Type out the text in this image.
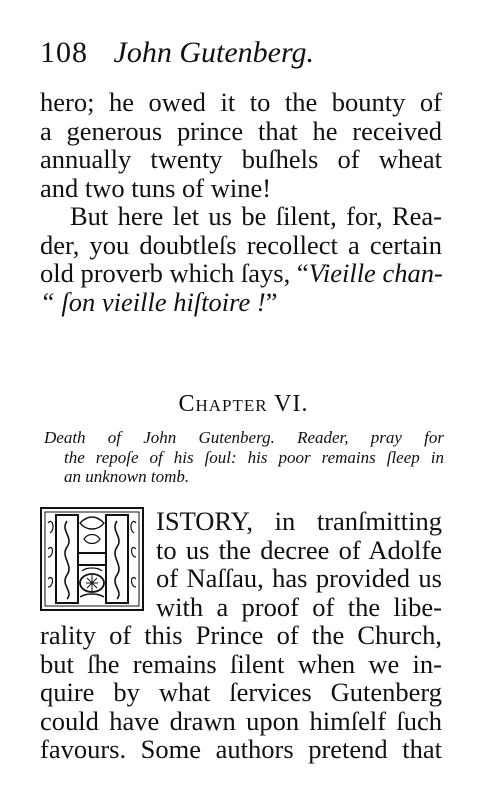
108 John Gutenberg.
hero; he owed it to the bounty of
a generous prince that he received
annually twenty buſhels of wheat
and two tuns of wine!
But here let us be ſilent, for, Rea-
der, you doubtleſs recollect a certain
old proverb which ſays, “Vieille chan-
“ ſon vieille hiſtoire !”
Chapter VI.
Death of John Gutenberg. Reader, pray for
the repoſe of his ſoul: his poor remains ſleep in
an unknown tomb.
ISTORY, in tranſmitting
to us the decree of Adolfe
of Naſſau, has provided us
with a proof of the libe-
rality of this Prince of the Church,
but ſhe remains ſilent when we in-
quire by what ſervices Gutenberg
could have drawn upon himſelf ſuch
favours. Some authors pretend that
